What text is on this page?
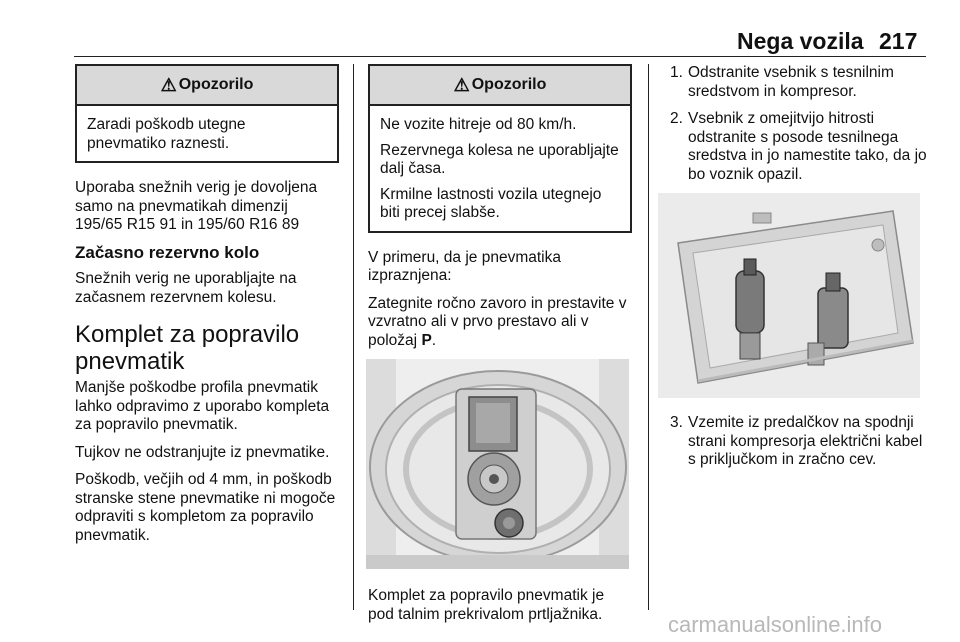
Nega vozila 217
⚠ Opozorilo

Zaradi poškodb utegne pnevmatiko raznesti.

Uporaba snežnih verig je dovoljena samo na pnevmatikah dimenzij 195/65 R15 91 in 195/60 R16 89

Začasno rezervno kolo

Snežnih verig ne uporabljajte na začasnem rezervnem kolesu.

Komplet za popravilo pnevmatik

Manjše poškodbe profila pnevmatik lahko odpravimo z uporabo kompleta za popravilo pnevmatik.

Tujkov ne odstranjujte iz pnevmatike.

Poškodb, večjih od 4 mm, in poškodb stranske stene pnevmatike ni mogoče odpraviti s kompletom za popravilo pnevmatik.

⚠ Opozorilo

Ne vozite hitreje od 80 km/h.

Rezervnega kolesa ne uporabljajte dalj časa.

Krmilne lastnosti vozila utegnejo biti precej slabše.

V primeru, da je pnevmatika izpraznjena:

Zategnite ročno zavoro in prestavite v vzvratno ali v prvo prestavo ali v položaj P.

Komplet za popravilo pnevmatik je pod talnim prekrivalom prtljažnika.

1. Odstranite vsebnik s tesnilnim sredstvom in kompresor.
2. Vsebnik z omejitvijo hitrosti odstranite s posode tesnilnega sredstva in jo namestite tako, da jo bo voznik opazil.
3. Vzemite iz predalčkov na spodnji strani kompresorja električni kabel s priključkom in zračno cev.
carmanualsonline.info
